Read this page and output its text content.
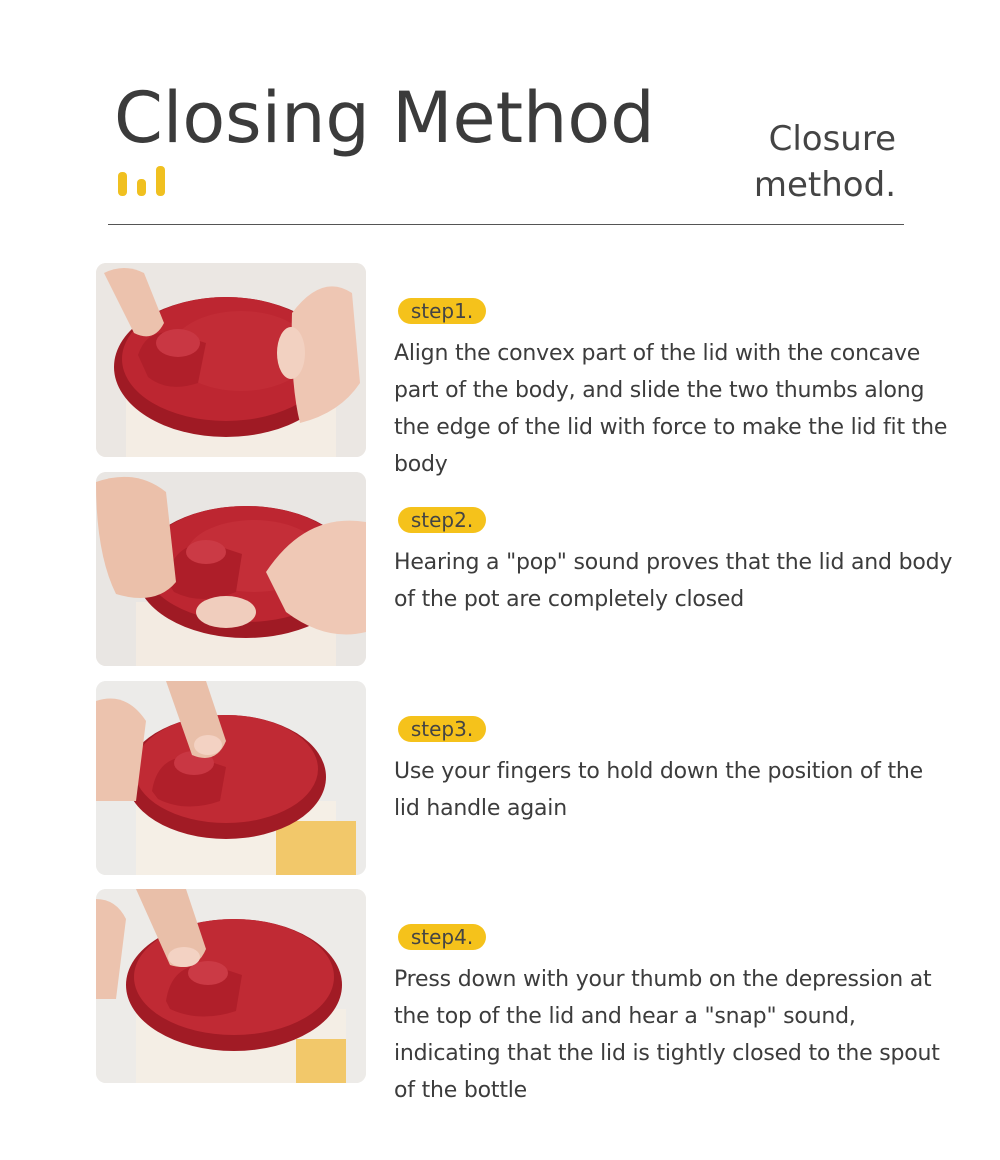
Closing Method	Closure
method.
step1.

Align the convex part of the lid with the concave part of the body, and slide the two thumbs along the edge of the lid with force to make the lid fit the body

step2.

Hearing a "pop" sound proves that the lid and body of the pot are completely closed

step3.

Use your fingers to hold down the position of the lid handle again

step4.

Press down with your thumb on the depression at the top of the lid and hear a "snap" sound, indicating that the lid is tightly closed to the spout of the bottle
